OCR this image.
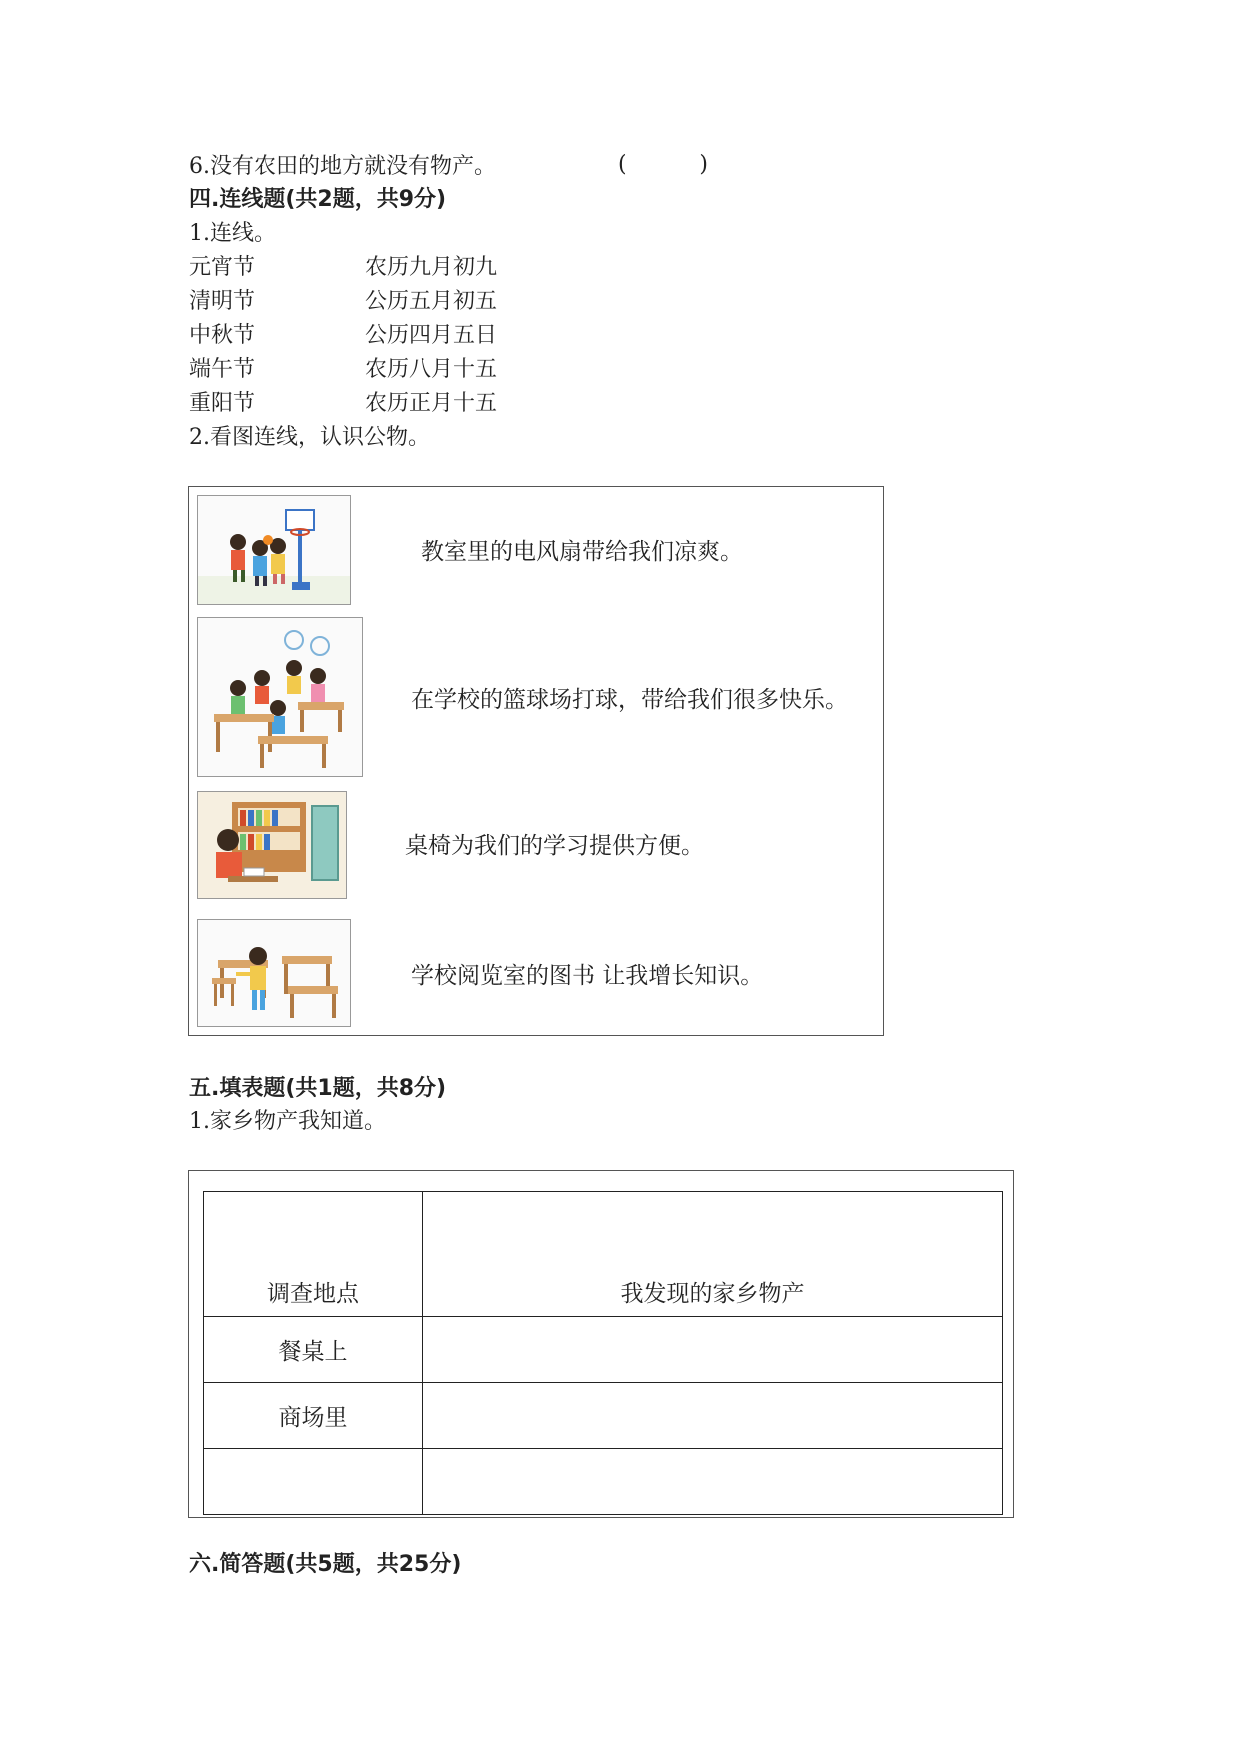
6.没有农田的地方就没有物产。	(	)
四.连线题(共2题，共9分)
1.连线。
元宵节	农历九月初九
清明节	公历五月初五
中秋节	公历四月五日
端午节	农历八月十五
重阳节	农历正月十五
2.看图连线，认识公物。
教室里的电风扇带给我们凉爽。
在学校的篮球场打球，带给我们很多快乐。
桌椅为我们的学习提供方便。
学校阅览室的图书 让我增长知识。
五.填表题(共1题，共8分)
1.家乡物产我知道。
调查地点	我发现的家乡物产
餐桌上	
商场里	

六.简答题(共5题，共25分)
